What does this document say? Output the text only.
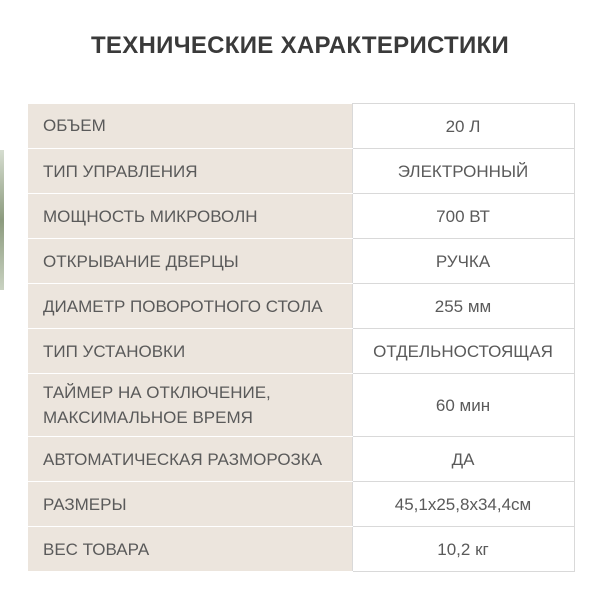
ТЕХНИЧЕСКИЕ ХАРАКТЕРИСТИКИ
ОБЪЕМ	20 Л

ТИП УПРАВЛЕНИЯ	ЭЛЕКТРОННЫЙ

МОЩНОСТЬ МИКРОВОЛН	700 ВТ

ОТКРЫВАНИЕ ДВЕРЦЫ	РУЧКА

ДИАМЕТР ПОВОРОТНОГО СТОЛА	255 мм

ТИП УСТАНОВКИ	ОТДЕЛЬНОСТОЯЩАЯ

ТАЙМЕР НА ОТКЛЮЧЕНИЕ,
МАКСИМАЛЬНОЕ ВРЕМЯ	60 мин

АВТОМАТИЧЕСКАЯ РАЗМОРОЗКА	ДА

РАЗМЕРЫ	45,1x25,8x34,4см

ВЕС ТОВАРА	10,2 кг
